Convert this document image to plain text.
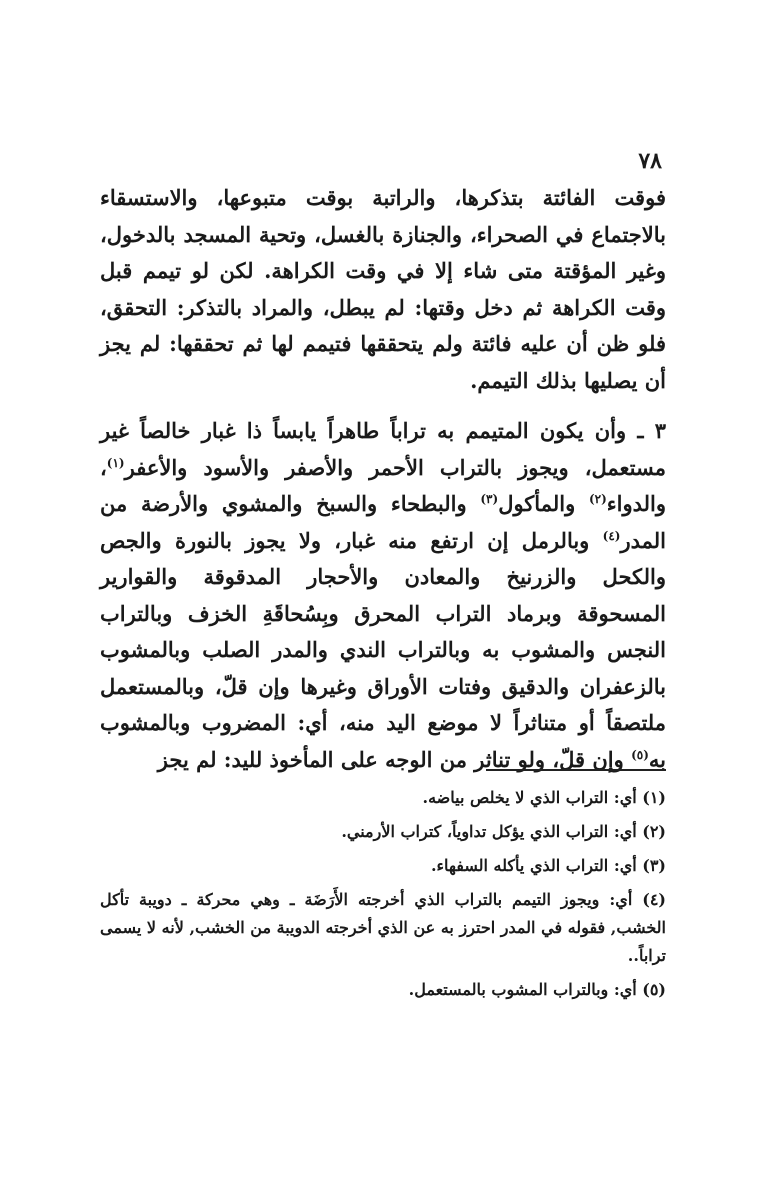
٧٨

فوقت الفائتة بتذكرها، والراتبة بوقت متبوعها، والاستسقاء بالاجتماع في الصحراء، والجنازة بالغسل، وتحية المسجد بالدخول، وغير المؤقتة متى شاء إلا في وقت الكراهة. لكن لو تيمم قبل وقت الكراهة ثم دخل وقتها: لم يبطل، والمراد بالتذكر: التحقق، فلو ظن أن عليه فائتة ولم يتحققها فتيمم لها ثم تحققها: لم يجز أن يصليها بذلك التيمم.

٣ ـ وأن يكون المتيمم به تراباً طاهراً يابساً ذا غبار خالصاً غير مستعمل، ويجوز بالتراب الأحمر والأصفر والأسود والأعفر$^{(١)}$، والدواء$^{(٢)}$ والمأكول$^{(٣)}$ والبطحاء والسبخ والمشوي والأرضة من المدر$^{(٤)}$ وبالرمل إن ارتفع منه غبار، ولا يجوز بالنورة والجص والكحل والزرنيخ والمعادن والأحجار المدقوقة والقوارير المسحوقة وبرماد التراب المحرق وبِسُحاقَةِ الخزف وبالتراب النجس والمشوب به وبالتراب الندي والمدر الصلب وبالمشوب بالزعفران والدقيق وفتات الأوراق وغيرها وإن قلّ، وبالمستعمل ملتصقاً أو متناثراً لا موضع اليد منه، أي: المضروب وبالمشوب به$^{(٥)}$ وإن قلّ، ولو تناثر من الوجه على المأخوذ لليد: لم يجز

(١) أي: التراب الذي لا يخلص بياضه.

(٢) أي: التراب الذي يؤكل تداوياً، كتراب الأرمني.

(٣) أي: التراب الذي يأكله السفهاء.

(٤) أي: ويجوز التيمم بالتراب الذي أخرجته الأَرَضَة ـ وهي محركة ـ دويبة تأكل الخشب, فقوله في المدر احترز به عن الذي أخرجته الدويبة من الخشب, لأنه لا يسمى تراباً..

(٥) أي: وبالتراب المشوب بالمستعمل.
